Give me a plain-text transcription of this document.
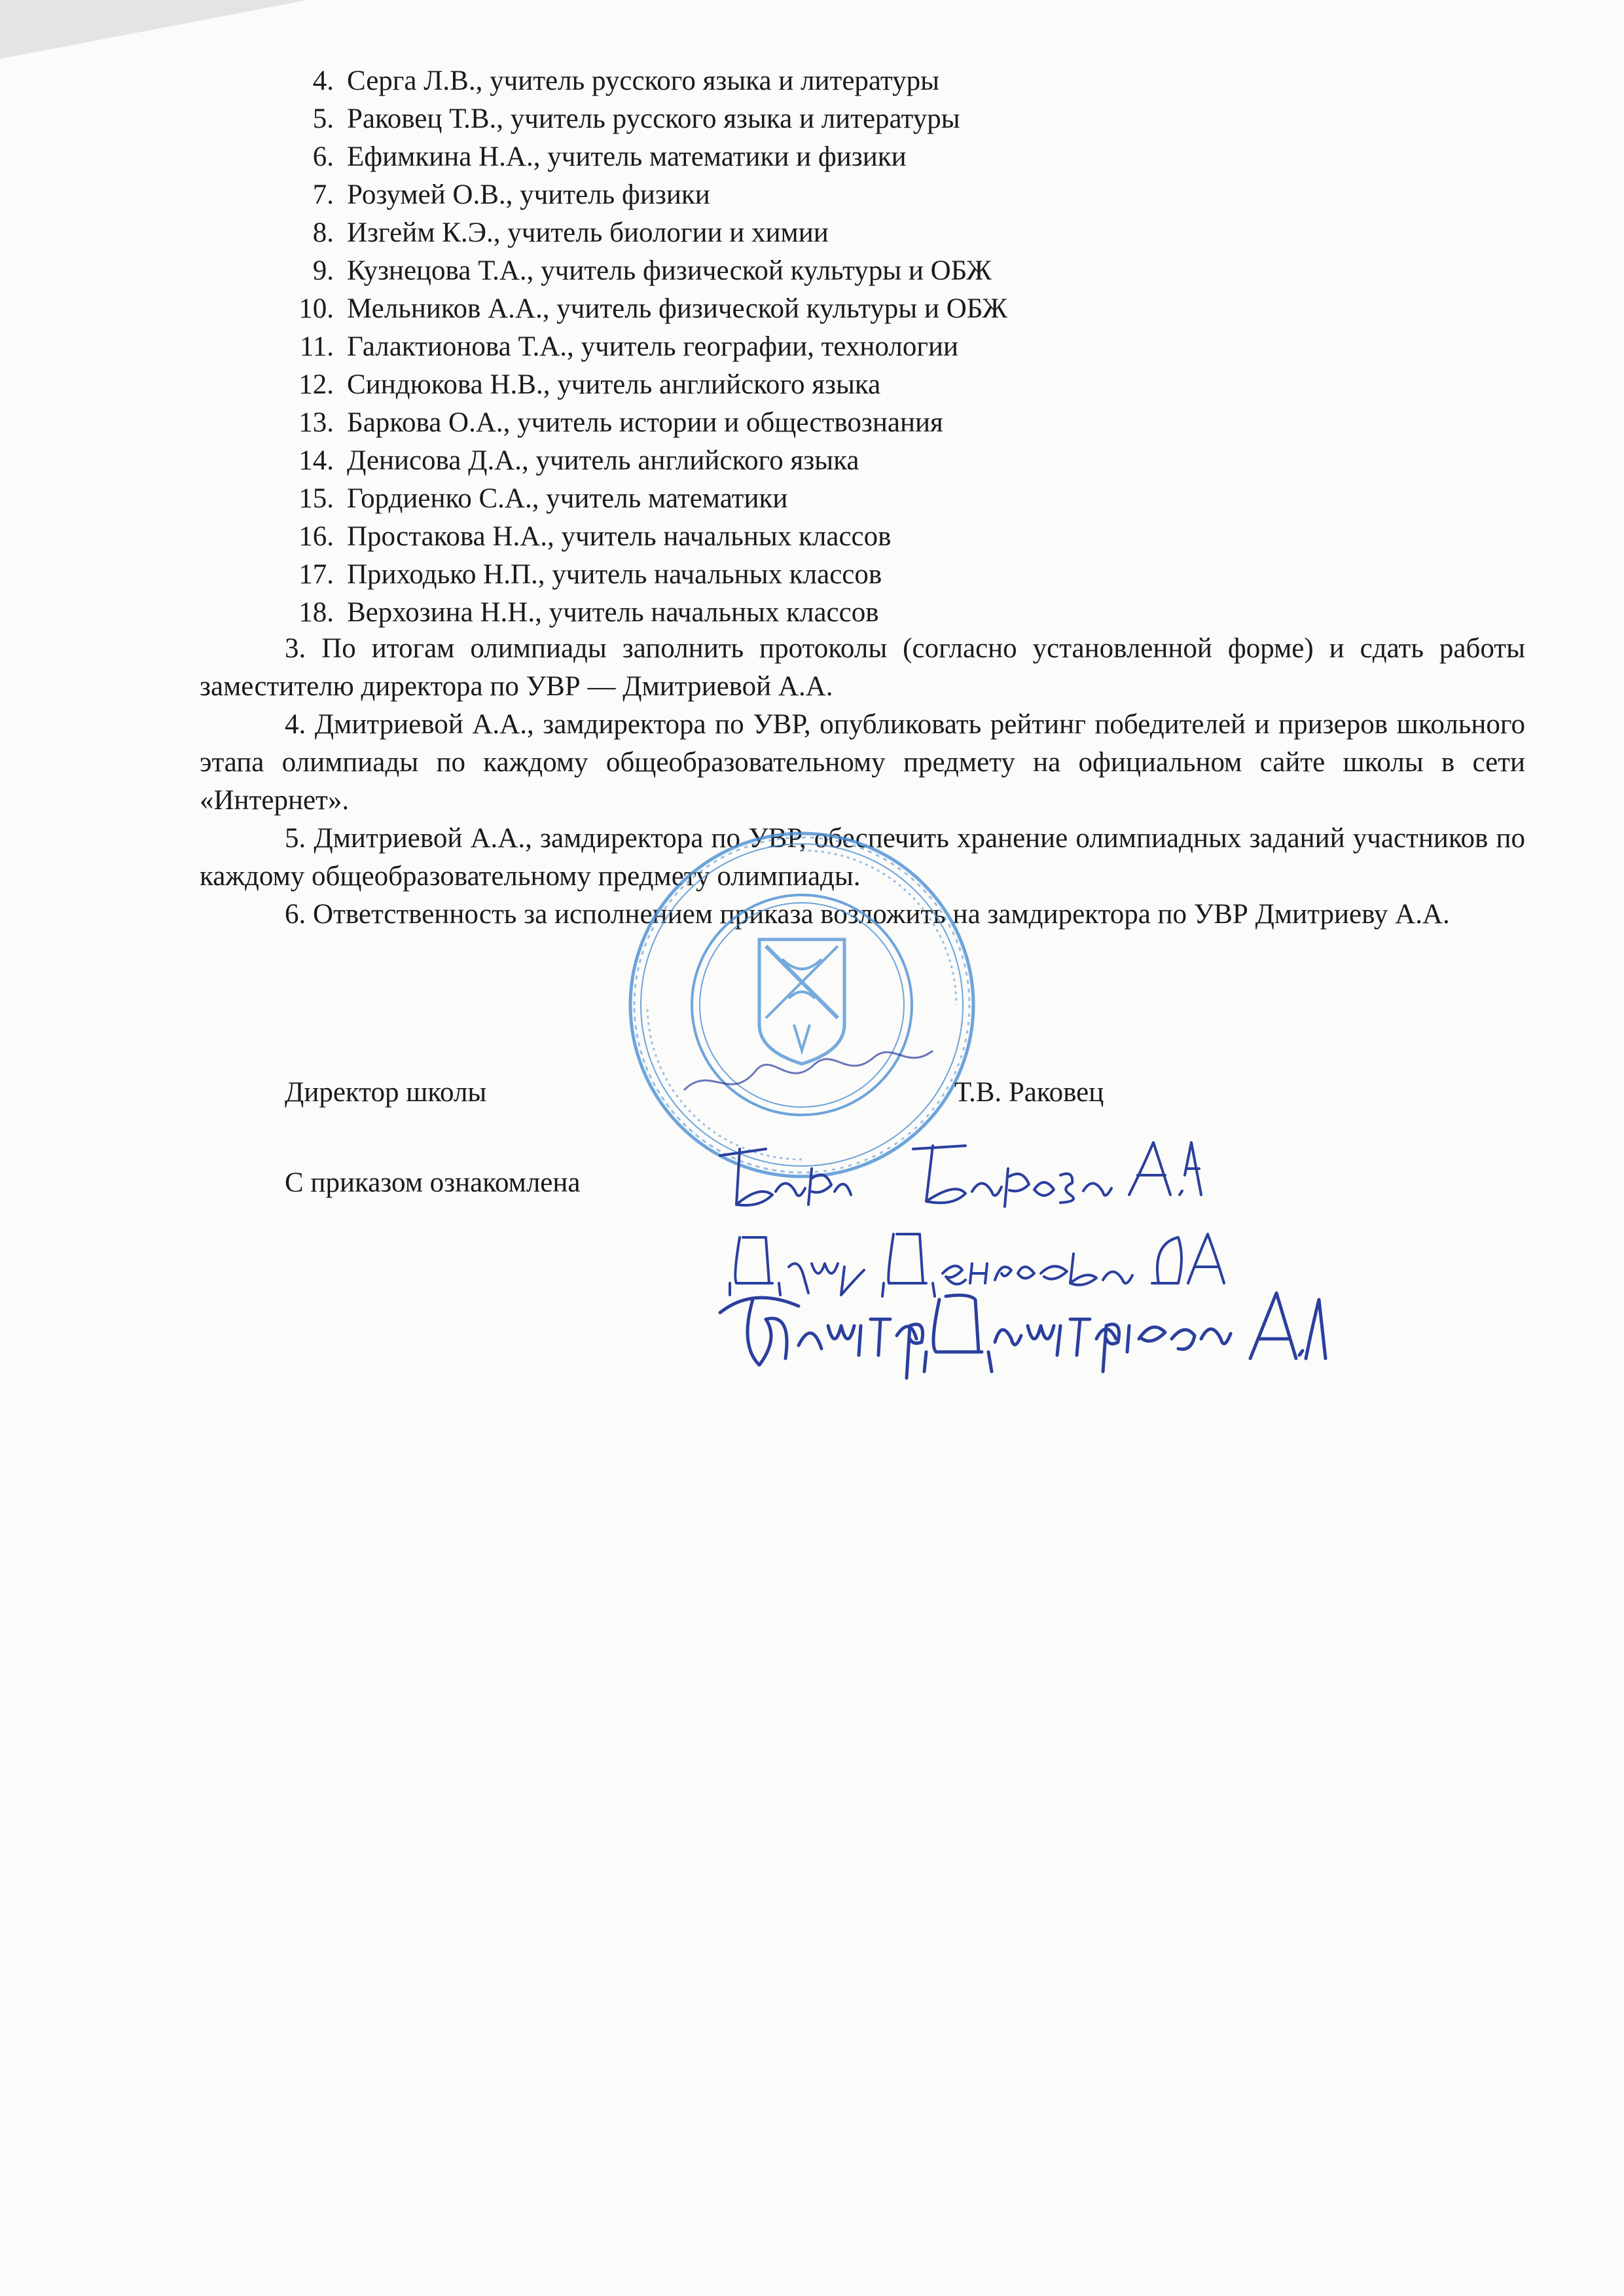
4. Серга Л.В., учитель русского языка и литературы
5. Раковец Т.В., учитель русского языка и литературы
6. Ефимкина Н.А., учитель математики и физики
7. Розумей О.В., учитель физики
8. Изгейм К.Э., учитель биологии и химии
9. Кузнецова Т.А., учитель физической культуры и ОБЖ
10. Мельников А.А., учитель физической культуры и ОБЖ
11. Галактионова Т.А., учитель географии, технологии
12. Синдюкова Н.В., учитель английского языка
13. Баркова О.А., учитель истории и обществознания
14. Денисова Д.А., учитель английского языка
15. Гордиенко С.А., учитель математики
16. Простакова Н.А., учитель начальных классов
17. Приходько Н.П., учитель начальных классов
18. Верхозина Н.Н., учитель начальных классов

3. По итогам олимпиады заполнить протоколы (согласно установленной форме) и сдать работы заместителю директора по УВР — Дмитриевой А.А.

4. Дмитриевой А.А., замдиректора по УВР, опубликовать рейтинг победителей и призеров школьного этапа олимпиады по каждому общеобразовательному предмету на официальном сайте школы в сети «Интернет».

5. Дмитриевой А.А., замдиректора по УВР, обеспечить хранение олимпиадных заданий участников по каждому общеобразовательному предмету олимпиады.

6. Ответственность за исполнением приказа возложить на замдиректора по УВР Дмитриеву А.А.

Директор школы	Т.В. Раковец
С приказом ознакомлена
